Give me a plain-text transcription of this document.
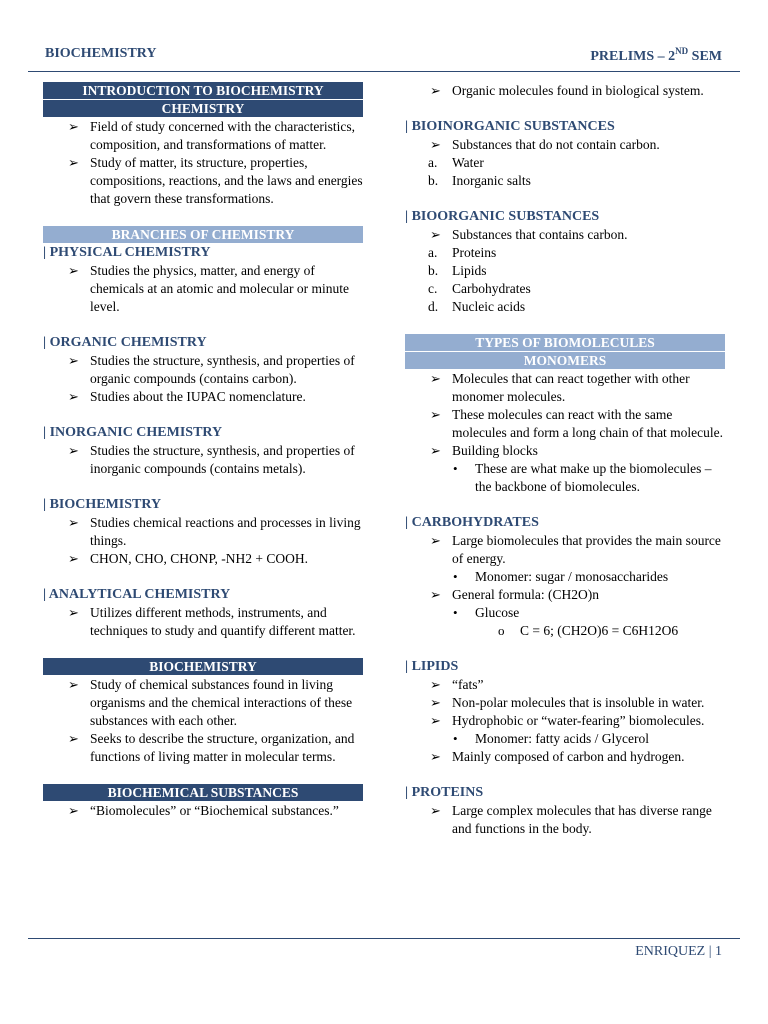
BIOCHEMISTRY	PRELIMS – 2ND SEM
INTRODUCTION TO BIOCHEMISTRY
CHEMISTRY
➢ Field of study concerned with the characteristics, composition, and transformations of matter.
➢ Study of matter, its structure, properties, compositions, reactions, and the laws and energies that govern these transformations.
BRANCHES OF CHEMISTRY
| PHYSICAL CHEMISTRY
➢ Studies the physics, matter, and energy of chemicals at an atomic and molecular or minute level.
| ORGANIC CHEMISTRY
➢ Studies the structure, synthesis, and properties of organic compounds (contains carbon).
➢ Studies about the IUPAC nomenclature.
| INORGANIC CHEMISTRY
➢ Studies the structure, synthesis, and properties of inorganic compounds (contains metals).
| BIOCHEMISTRY
➢ Studies chemical reactions and processes in living things.
➢ CHON, CHO, CHONP, -NH2 + COOH.
| ANALYTICAL CHEMISTRY
➢ Utilizes different methods, instruments, and techniques to study and quantify different matter.
BIOCHEMISTRY
➢ Study of chemical substances found in living organisms and the chemical interactions of these substances with each other.
➢ Seeks to describe the structure, organization, and functions of living matter in molecular terms.
BIOCHEMICAL SUBSTANCES
➢ “Biomolecules” or “Biochemical substances.”
➢ Organic molecules found in biological system.
| BIOINORGANIC SUBSTANCES
➢ Substances that do not contain carbon.
a. Water
b. Inorganic salts
| BIOORGANIC SUBSTANCES
➢ Substances that contains carbon.
a. Proteins
b. Lipids
c. Carbohydrates
d. Nucleic acids
TYPES OF BIOMOLECULES
MONOMERS
➢ Molecules that can react together with other monomer molecules.
➢ These molecules can react with the same molecules and form a long chain of that molecule.
➢ Building blocks
• These are what make up the biomolecules – the backbone of biomolecules.
| CARBOHYDRATES
➢ Large biomolecules that provides the main source of energy.
• Monomer: sugar / monosaccharides
➢ General formula: (CH2O)n
• Glucose
o C = 6; (CH2O)6 = C6H12O6
| LIPIDS
➢ “fats”
➢ Non-polar molecules that is insoluble in water.
➢ Hydrophobic or “water-fearing” biomolecules.
• Monomer: fatty acids / Glycerol
➢ Mainly composed of carbon and hydrogen.
| PROTEINS
➢ Large complex molecules that has diverse range and functions in the body.
ENRIQUEZ | 1
